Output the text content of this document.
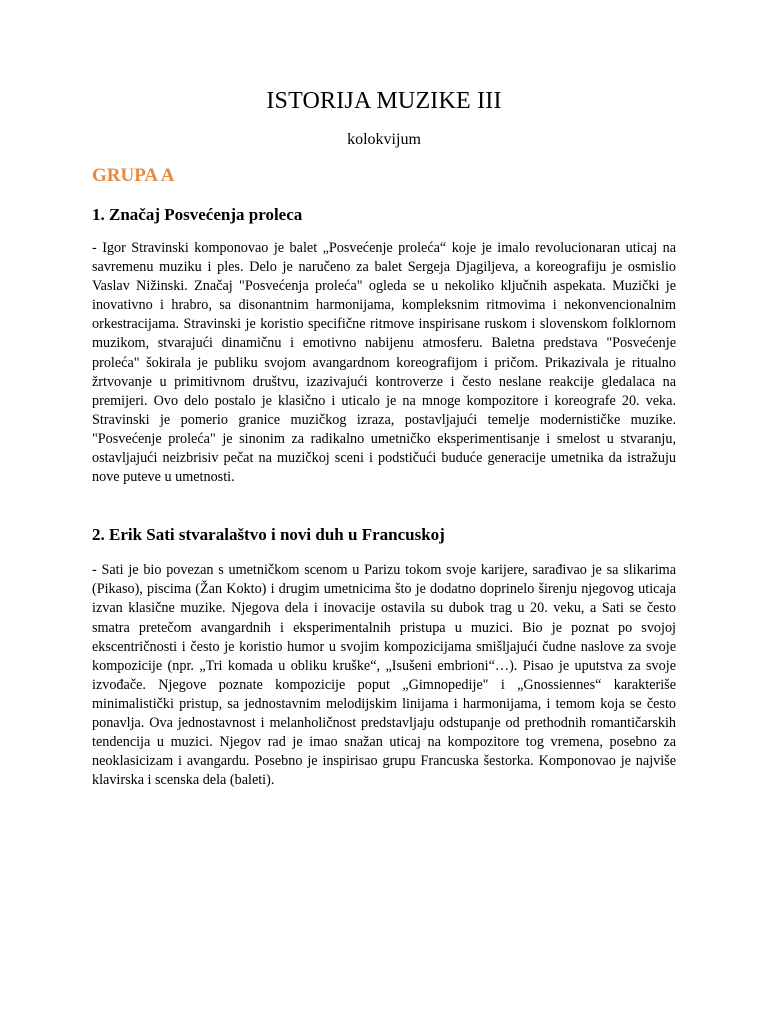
ISTORIJA MUZIKE III
kolokvijum
GRUPA A
1. Značaj Posvećenja proleca

- Igor Stravinski komponovao je balet „Posvećenje proleća“ koje je imalo revolucionaran uticaj na savremenu muziku i ples. Delo je naručeno za balet Sergeja Djagiljeva, a koreografiju je osmislio Vaslav Nižinski. Značaj "Posvećenja proleća" ogleda se u nekoliko ključnih aspekata. Muzički je inovativno i hrabro, sa disonantnim harmonijama, kompleksnim ritmovima i nekonvencionalnim orkestracijama. Stravinski je koristio specifične ritmove inspirisane ruskom i slovenskom folklornom muzikom, stvarajući dinamičnu i emotivno nabijenu atmosferu. Baletna predstava "Posvećenje proleća" šokirala je publiku svojom avangardnom koreografijom i pričom. Prikazivala je ritualno žrtvovanje u primitivnom društvu, izazivajući kontroverze i često neslane reakcije gledalaca na premijeri. Ovo delo postalo je klasično i uticalo je na mnoge kompozitore i koreografe 20. veka. Stravinski je pomerio granice muzičkog izraza, postavljajući temelje modernističke muzike. "Posvećenje proleća" je sinonim za radikalno umetničko eksperimentisanje i smelost u stvaranju, ostavljajući neizbrisiv pečat na muzičkoj sceni i podstičući buduće generacije umetnika da istražuju nove puteve u umetnosti.

2. Erik Sati stvaralaštvo i novi duh u Francuskoj

- Sati je bio povezan s umetničkom scenom u Parizu tokom svoje karijere, sarađivao je sa slikarima (Pikaso), piscima (Žan Kokto) i drugim umetnicima što je dodatno doprinelo širenju njegovog uticaja izvan klasične muzike. Njegova dela i inovacije ostavila su dubok trag u 20. veku, a Sati se često smatra pretečom avangardnih i eksperimentalnih pristupa u muzici. Bio je poznat po svojoj ekscentričnosti i često je koristio humor u svojim kompozicijama smišljajući čudne naslove za svoje kompozicije (npr. „Tri komada u obliku kruške“, „Isušeni embrioni“…). Pisao je uputstva za svoje izvođače. Njegove poznate kompozicije poput „Gimnopedije" i „Gnossiennes“ karakteriše minimalistički pristup, sa jednostavnim melodijskim linijama i harmonijama, i temom koja se često ponavlja. Ova jednostavnost i melanholičnost predstavljaju odstupanje od prethodnih romantičarskih tendencija u muzici. Njegov rad je imao snažan uticaj na kompozitore tog vremena, posebno za neoklasicizam i avangardu. Posebno je inspirisao grupu Francuska šestorka. Komponovao je najviše klavirska i scenska dela (baleti).
